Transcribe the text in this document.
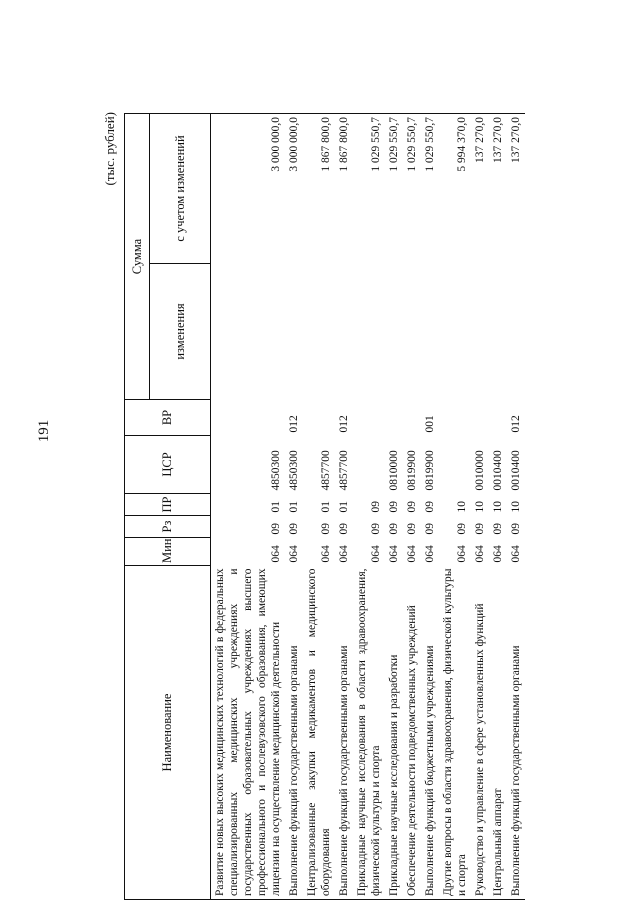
191
(тыс. рублей)
Наименование	Мин	Рз	ПР	ЦСР	ВР	Сумма	
						изменения	с учетом изменений
Развитие новых высоких медицинских технологий в федеральных специализированных медицинских учреждениях и государственных образовательных учреждениях высшего профессионального и послевузовского образования, имеющих лицензии на осуществление медицинской деятельности	064	09	01	4850300			3 000 000,0
Выполнение функций государственными органами	064	09	01	4850300	012		3 000 000,0
Централизованные закупки медикаментов и медицинского оборудования	064	09	01	4857700			1 867 800,0
Выполнение функций государственными органами	064	09	01	4857700	012		1 867 800,0
Прикладные научные исследования в области здравоохранения, физической культуры и спорта	064	09	09				1 029 550,7
Прикладные научные исследования и разработки	064	09	09	0810000			1 029 550,7
Обеспечение деятельности подведомственных учреждений	064	09	09	0819900			1 029 550,7
Выполнение функций бюджетными учреждениями	064	09	09	0819900	001		1 029 550,7
Другие вопросы в области здравоохранения, физической культуры и спорта	064	09	10				5 994 370,0
Руководство и управление в сфере установленных функций	064	09	10	0010000			137 270,0
Центральный аппарат	064	09	10	0010400			137 270,0
Выполнение функций государственными органами	064	09	10	0010400	012		137 270,0
